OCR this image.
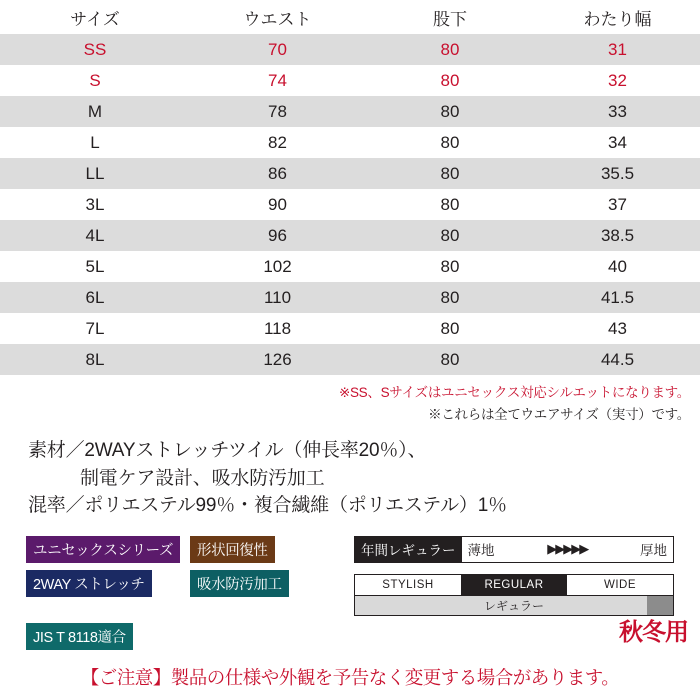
サイズ	ウエスト	股下	わたり幅
SS	70	80	31
S	74	80	32
M	78	80	33
L	82	80	34
LL	86	80	35.5
3L	90	80	37
4L	96	80	38.5
5L	102	80	40
6L	110	80	41.5
7L	118	80	43
8L	126	80	44.5
※SS、Sサイズはユニセックス対応シルエットになります。
※これらは全てウエアサイズ（実寸）です。
素材／2WAYストレッチツイル（伸長率20％）、

制電ケア設計、吸水防汚加工
混率／ポリエステル99％・複合繊維（ポリエステル）1％
ユニセックスシリーズ	形状回復性	年間レギュラー 薄地	▶▶▶▶▶	厚地
2WAY ストレッチ	吸水防汚加工	STYLISH	REGULAR	WIDE
レギュラー
JIS T 8118適合	秋冬用
【ご注意】製品の仕様や外観を予告なく変更する場合があります。
